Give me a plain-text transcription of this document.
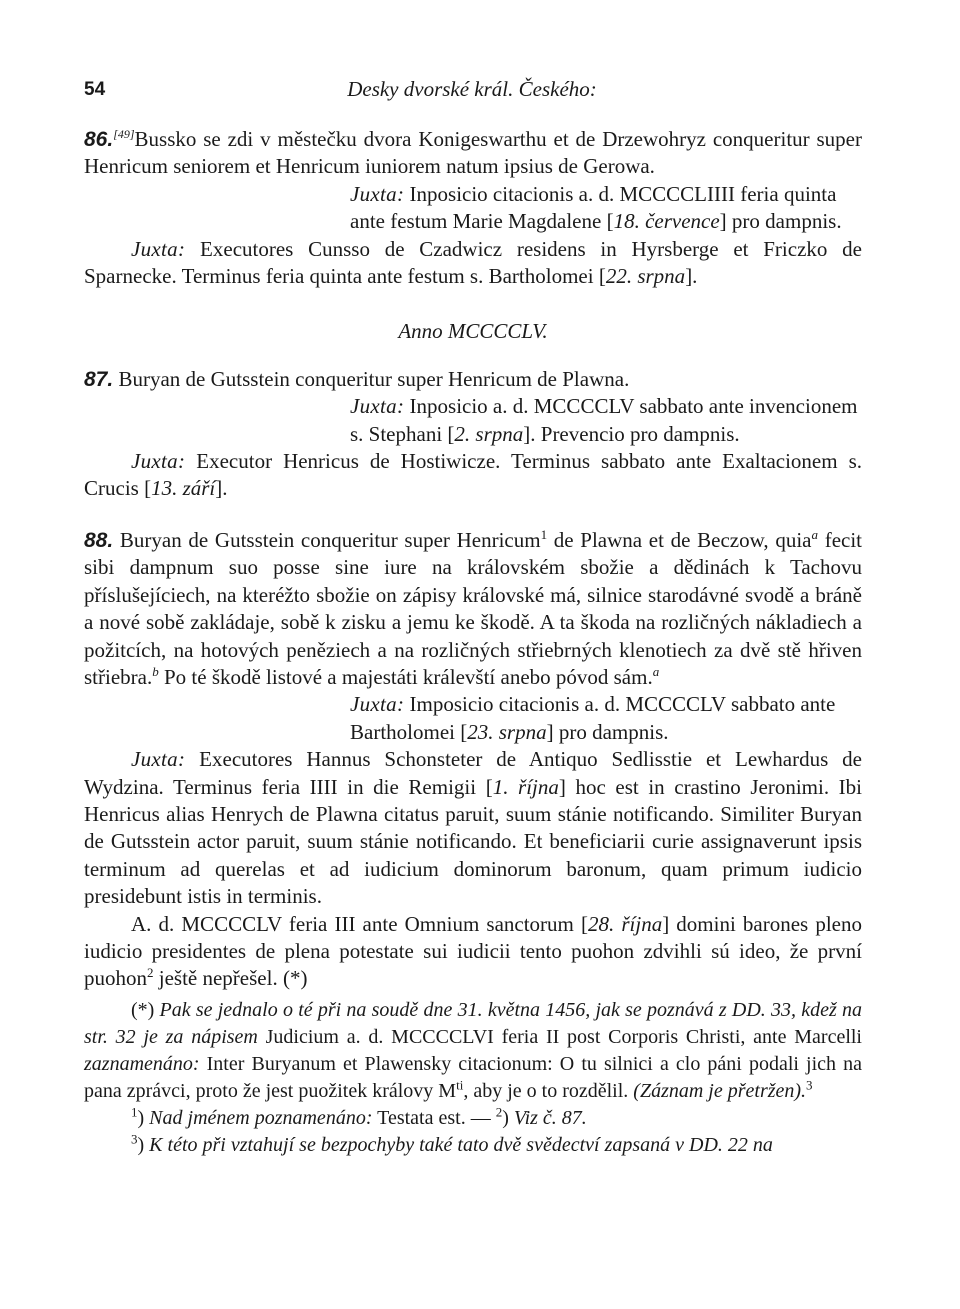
54	Desky dvorské král. Českého:

86.[49]Bussko se zdi v městečku dvora Konigeswarthu et de Drzewohryz conqueritur super Henricum seniorem et Henricum iuniorem natum ipsius de Gerowa.

Juxta: Inposicio citacionis a. d. MCCCCLIIII feria quinta ante festum Marie Magdalene [18. července] pro dampnis.

Juxta: Executores Cunsso de Czadwicz residens in Hyrsberge et Friczko de Sparnecke. Terminus feria quinta ante festum s. Bartholomei [22. srpna].

Anno MCCCCLV.

87. Buryan de Gutsstein conqueritur super Henricum de Plawna.

Juxta: Inposicio a. d. MCCCCLV sabbato ante invencionem s. Stephani [2. srpna]. Prevencio pro dampnis.

Juxta: Executor Henricus de Hostiwicze. Terminus sabbato ante Exaltacionem s. Crucis [13. září].

88. Buryan de Gutsstein conqueritur super Henricum$^1$ de Plawna et de Beczow, quia$^a$ fecit sibi dampnum suo posse sine iure na královském sbožie a dědinách k Tachovu příslušejíciech, na kteréžto sbožie on zápisy královské má, silnice starodávné svodě a bráně a nové sobě zakládaje, sobě k zisku a jemu ke škodě. A ta škoda na rozličných nákladiech a požitcích, na hotových peněziech a na rozličných střiebrných klenotiech za dvě stě hřiven střiebra.$^b$ Po té škodě listové a majestáti králevští anebo póvod sám.$^a$

Juxta: Imposicio citacionis a. d. MCCCCLV sabbato ante Bartholomei [23. srpna] pro dampnis.

Juxta: Executores Hannus Schonsteter de Antiquo Sedlisstie et Lewhardus de Wydzina. Terminus feria IIII in die Remigii [1. října] hoc est in crastino Jeronimi. Ibi Henricus alias Henrych de Plawna citatus paruit, suum stánie notificando. Similiter Buryan de Gutsstein actor paruit, suum stánie notificando. Et beneficiarii curie assignaverunt ipsis terminum ad querelas et ad iudicium dominorum baronum, quam primum iudicio presidebunt istis in terminis.

A. d. MCCCCLV feria III ante Omnium sanctorum [28. října] domini barones pleno iudicio presidentes de plena potestate sui iudicii tento puohon zdvihli sú ideo, že první puohon$^2$ ještě nepřešel. (*)

(*) Pak se jednalo o té při na soudě dne 31. května 1456, jak se poznává z DD. 33, kdež na str. 32 je za nápisem Judicium a. d. MCCCCLVI feria II post Corporis Christi, ante Marcelli zaznamenáno: Inter Buryanum et Plawensky citacionum: O tu silnici a clo páni podali jich na pana zprávci, proto že jest puožitek královy $M^{ti}$, aby je o to rozdělil. (Záznam je přetržen).$^3$

$^1$) Nad jménem poznamenáno: Testata est. — $^2$) Viz č. 87.

$^3$) K této při vztahují se bezpochyby také tato dvě svědectví zapsaná v DD. 22 na
